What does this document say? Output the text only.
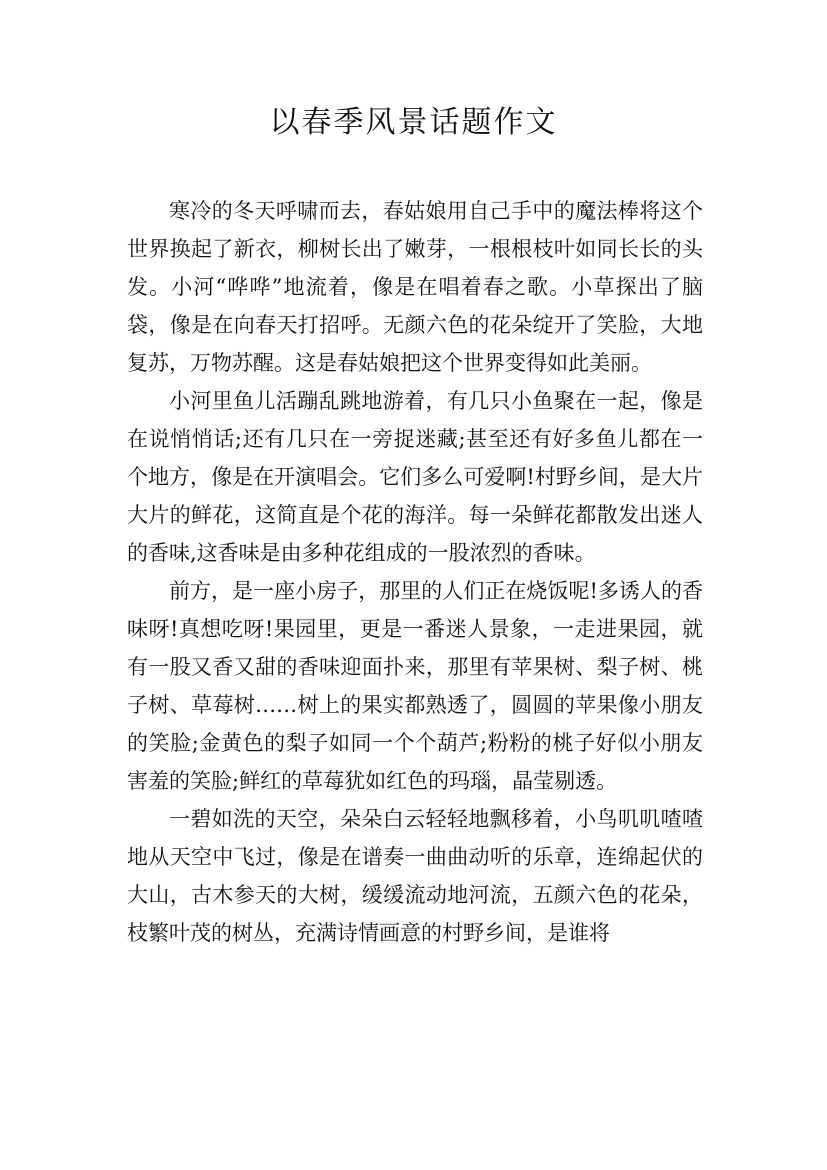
以春季风景话题作文

寒冷的冬天呼啸而去，春姑娘用自己手中的魔法棒将这个世界换起了新衣，柳树长出了嫩芽，一根根枝叶如同长长的头发。小河“哗哗”地流着，像是在唱着春之歌。小草探出了脑袋，像是在向春天打招呼。无颜六色的花朵绽开了笑脸，大地复苏，万物苏醒。这是春姑娘把这个世界变得如此美丽。

小河里鱼儿活蹦乱跳地游着，有几只小鱼聚在一起，像是在说悄悄话;还有几只在一旁捉迷藏;甚至还有好多鱼儿都在一个地方，像是在开演唱会。它们多么可爱啊!村野乡间，是大片大片的鲜花，这简直是个花的海洋。每一朵鲜花都散发出迷人的香味,这香味是由多种花组成的一股浓烈的香味。

前方，是一座小房子，那里的人们正在烧饭呢!多诱人的香味呀!真想吃呀!果园里，更是一番迷人景象，一走进果园，就有一股又香又甜的香味迎面扑来，那里有苹果树、梨子树、桃子树、草莓树……树上的果实都熟透了，圆圆的苹果像小朋友的笑脸;金黄色的梨子如同一个个葫芦;粉粉的桃子好似小朋友害羞的笑脸;鲜红的草莓犹如红色的玛瑙，晶莹剔透。

一碧如洗的天空，朵朵白云轻轻地飘移着，小鸟叽叽喳喳地从天空中飞过，像是在谱奏一曲曲动听的乐章，连绵起伏的大山，古木参天的大树，缓缓流动地河流，五颜六色的花朵，枝繁叶茂的树丛，充满诗情画意的村野乡间，是谁将
